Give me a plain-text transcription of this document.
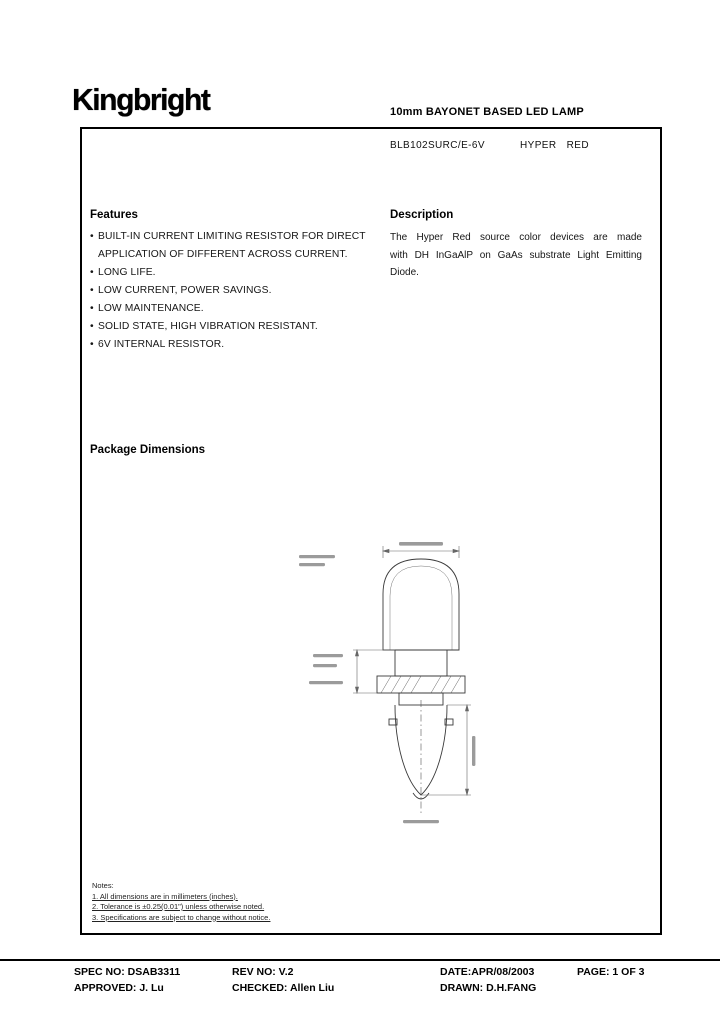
Kingbright	10mm BAYONET BASED LED LAMP
BLB102SURC/E-6V	HYPER RED
Features
• BUILT-IN CURRENT LIMITING RESISTOR FOR DIRECT APPLICATION OF DIFFERENT ACROSS CURRENT.
• LONG LIFE.
• LOW CURRENT, POWER SAVINGS.
• LOW MAINTENANCE.
• SOLID STATE, HIGH VIBRATION RESISTANT.
• 6V INTERNAL RESISTOR.
Description
The Hyper Red source color devices are made
with DH InGaAlP on GaAs substrate Light Emitting
Diode.
Package Dimensions
Notes:
1. All dimensions are in millimeters (inches).
2. Tolerance is ±0.25(0.01") unless otherwise noted.
3. Specifications are subject to change without notice.
SPEC NO: DSAB3311	REV NO: V.2	DATE:APR/08/2003	PAGE: 1 OF 3
APPROVED: J. Lu	CHECKED: Allen Liu	DRAWN: D.H.FANG
